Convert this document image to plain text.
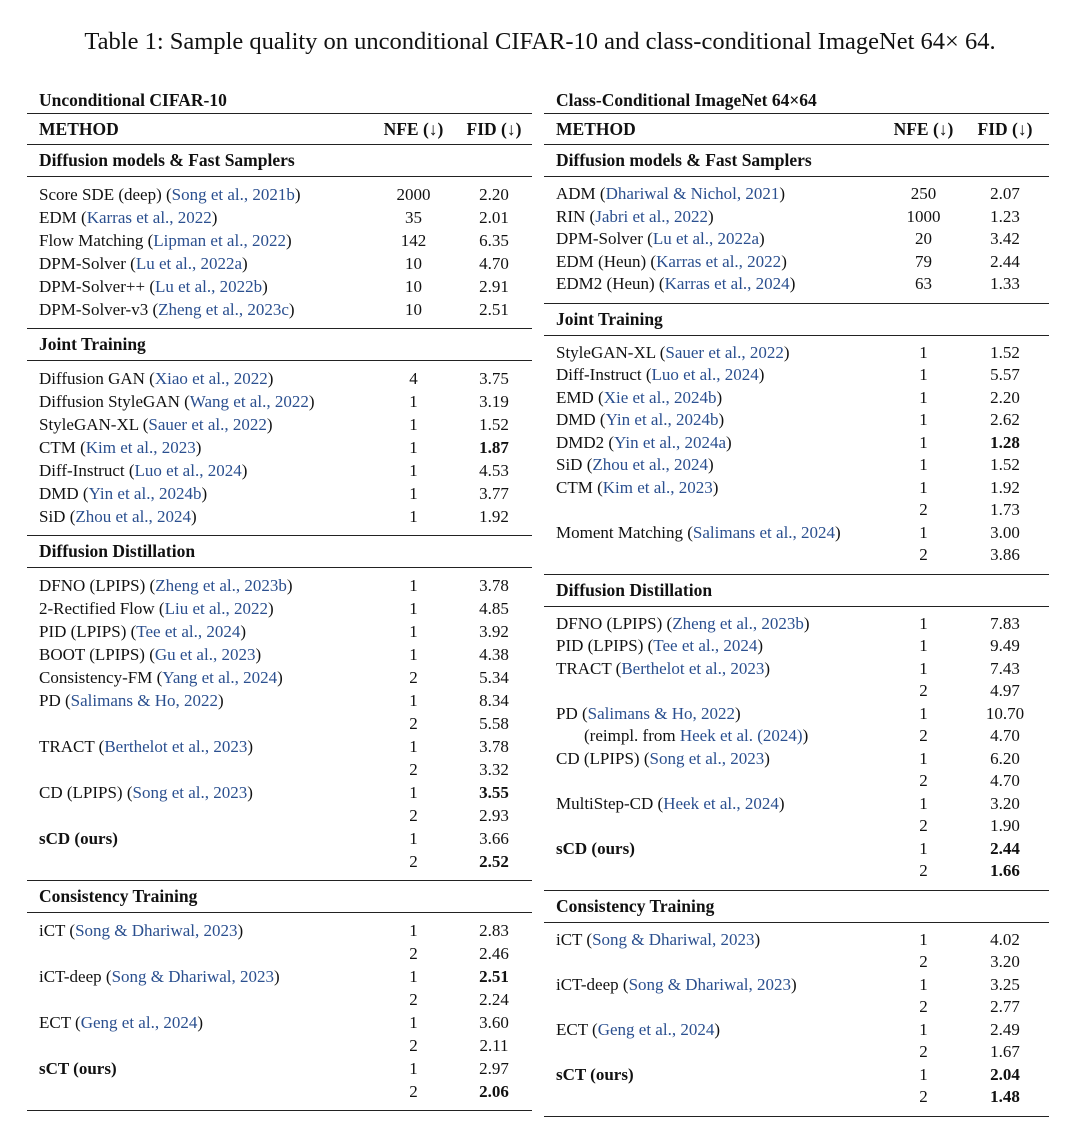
Table 1: Sample quality on unconditional CIFAR-10 and class-conditional ImageNet 64× 64.
Unconditional CIFAR-10
METHOD	NFE (↓)	FID (↓)
Diffusion models & Fast Samplers
Score SDE (deep) (Song et al., 2021b)	2000	2.20
EDM (Karras et al., 2022)	35	2.01
Flow Matching (Lipman et al., 2022)	142	6.35
DPM-Solver (Lu et al., 2022a)	10	4.70
DPM-Solver++ (Lu et al., 2022b)	10	2.91
DPM-Solver-v3 (Zheng et al., 2023c)	10	2.51
Joint Training
Diffusion GAN (Xiao et al., 2022)	4	3.75
Diffusion StyleGAN (Wang et al., 2022)	1	3.19
StyleGAN-XL (Sauer et al., 2022)	1	1.52
CTM (Kim et al., 2023)	1	1.87
Diff-Instruct (Luo et al., 2024)	1	4.53
DMD (Yin et al., 2024b)	1	3.77
SiD (Zhou et al., 2024)	1	1.92
Diffusion Distillation
DFNO (LPIPS) (Zheng et al., 2023b)	1	3.78
2-Rectified Flow (Liu et al., 2022)	1	4.85
PID (LPIPS) (Tee et al., 2024)	1	3.92
BOOT (LPIPS) (Gu et al., 2023)	1	4.38
Consistency-FM (Yang et al., 2024)	2	5.34
PD (Salimans & Ho, 2022)	1	8.34
2	5.58
TRACT (Berthelot et al., 2023)	1	3.78
2	3.32
CD (LPIPS) (Song et al., 2023)	1	3.55
2	2.93
sCD (ours)	1	3.66
2	2.52
Consistency Training
iCT (Song & Dhariwal, 2023)	1	2.83
2	2.46
iCT-deep (Song & Dhariwal, 2023)	1	2.51
2	2.24
ECT (Geng et al., 2024)	1	3.60
2	2.11
sCT (ours)	1	2.97
2	2.06
Class-Conditional ImageNet 64×64
METHOD	NFE (↓)	FID (↓)
Diffusion models & Fast Samplers
ADM (Dhariwal & Nichol, 2021)	250	2.07
RIN (Jabri et al., 2022)	1000	1.23
DPM-Solver (Lu et al., 2022a)	20	3.42
EDM (Heun) (Karras et al., 2022)	79	2.44
EDM2 (Heun) (Karras et al., 2024)	63	1.33
Joint Training
StyleGAN-XL (Sauer et al., 2022)	1	1.52
Diff-Instruct (Luo et al., 2024)	1	5.57
EMD (Xie et al., 2024b)	1	2.20
DMD (Yin et al., 2024b)	1	2.62
DMD2 (Yin et al., 2024a)	1	1.28
SiD (Zhou et al., 2024)	1	1.52
CTM (Kim et al., 2023)	1	1.92
2	1.73
Moment Matching (Salimans et al., 2024)	1	3.00
2	3.86
Diffusion Distillation
DFNO (LPIPS) (Zheng et al., 2023b)	1	7.83
PID (LPIPS) (Tee et al., 2024)	1	9.49
TRACT (Berthelot et al., 2023)	1	7.43
2	4.97
PD (Salimans & Ho, 2022)	1	10.70
(reimpl. from Heek et al. (2024))	2	4.70
CD (LPIPS) (Song et al., 2023)	1	6.20
2	4.70
MultiStep-CD (Heek et al., 2024)	1	3.20
2	1.90
sCD (ours)	1	2.44
2	1.66
Consistency Training
iCT (Song & Dhariwal, 2023)	1	4.02
2	3.20
iCT-deep (Song & Dhariwal, 2023)	1	3.25
2	2.77
ECT (Geng et al., 2024)	1	2.49
2	1.67
sCT (ours)	1	2.04
2	1.48
